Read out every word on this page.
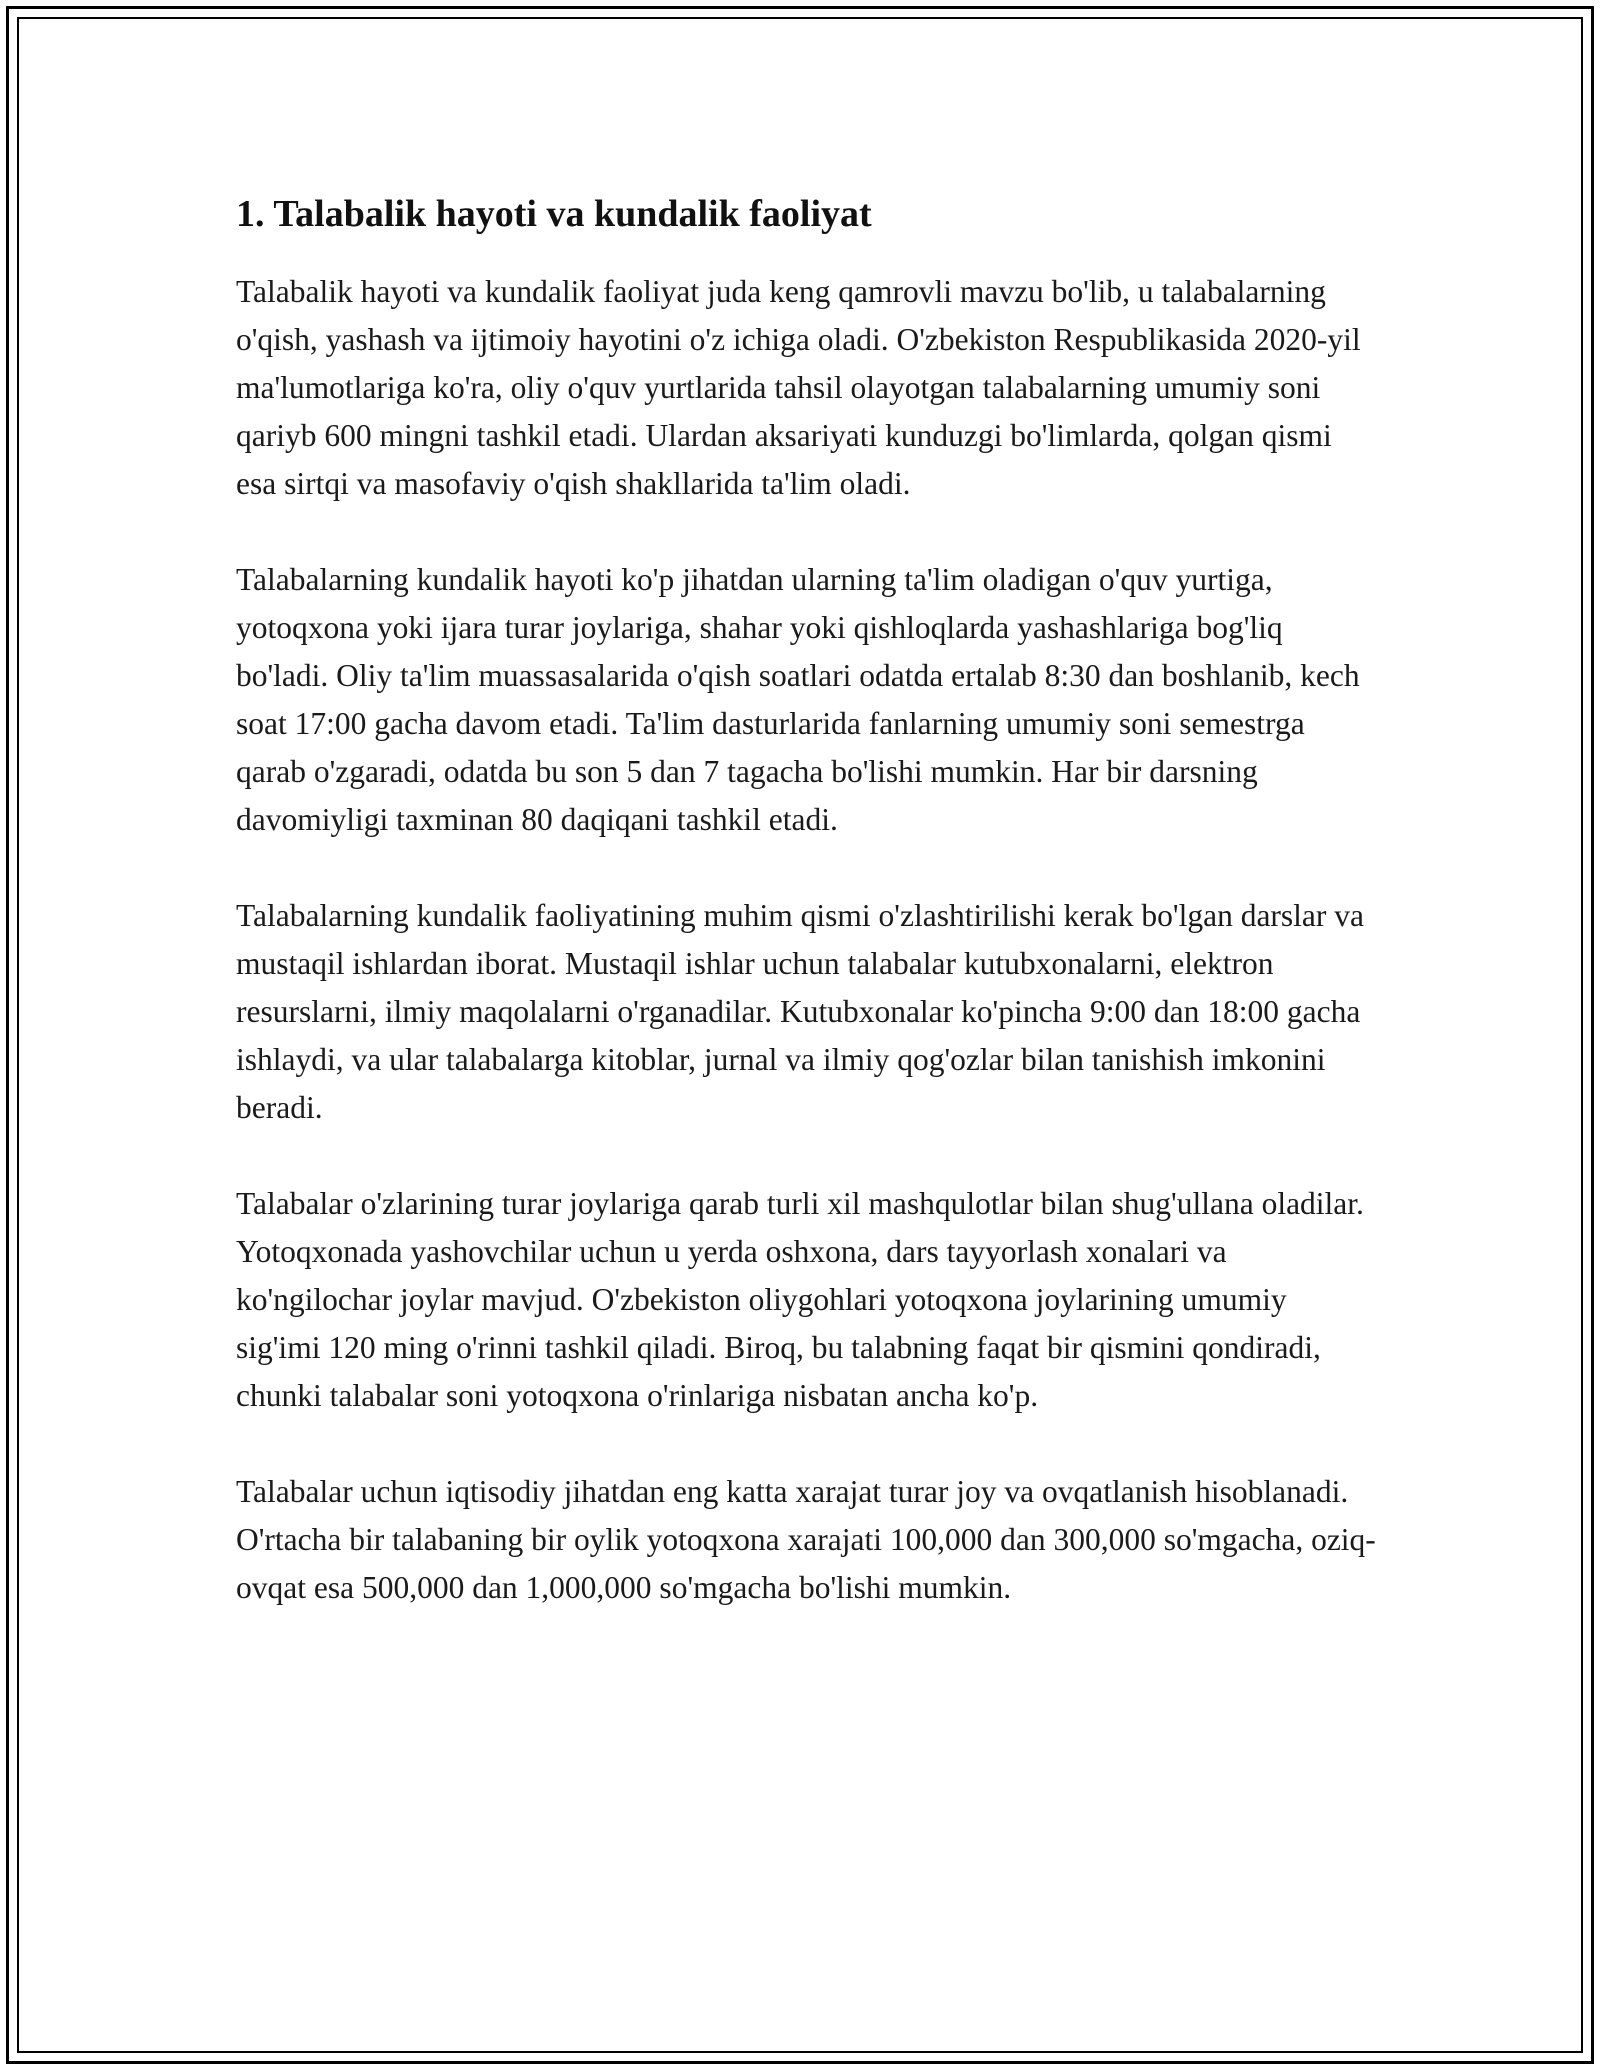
1. Talabalik hayoti va kundalik faoliyat

Talabalik hayoti va kundalik faoliyat juda keng qamrovli mavzu bo'lib, u talabalarning o'qish, yashash va ijtimoiy hayotini o'z ichiga oladi. O'zbekiston Respublikasida 2020-yil ma'lumotlariga ko'ra, oliy o'quv yurtlarida tahsil olayotgan talabalarning umumiy soni qariyb 600 mingni tashkil etadi. Ulardan aksariyati kunduzgi bo'limlarda, qolgan qismi esa sirtqi va masofaviy o'qish shakllarida ta'lim oladi.

Talabalarning kundalik hayoti ko'p jihatdan ularning ta'lim oladigan o'quv yurtiga, yotoqxona yoki ijara turar joylariga, shahar yoki qishloqlarda yashashlariga bog'liq bo'ladi. Oliy ta'lim muassasalarida o'qish soatlari odatda ertalab 8:30 dan boshlanib, kech soat 17:00 gacha davom etadi. Ta'lim dasturlarida fanlarning umumiy soni semestrga qarab o'zgaradi, odatda bu son 5 dan 7 tagacha bo'lishi mumkin. Har bir darsning davomiyligi taxminan 80 daqiqani tashkil etadi.

Talabalarning kundalik faoliyatining muhim qismi o'zlashtirilishi kerak bo'lgan darslar va mustaqil ishlardan iborat. Mustaqil ishlar uchun talabalar kutubxonalarni, elektron resurslarni, ilmiy maqolalarni o'rganadilar. Kutubxonalar ko'pincha 9:00 dan 18:00 gacha ishlaydi, va ular talabalarga kitoblar, jurnal va ilmiy qog'ozlar bilan tanishish imkonini beradi.

Talabalar o'zlarining turar joylariga qarab turli xil mashqulotlar bilan shug'ullana oladilar. Yotoqxonada yashovchilar uchun u yerda oshxona, dars tayyorlash xonalari va ko'ngilochar joylar mavjud. O'zbekiston oliygohlari yotoqxona joylarining umumiy sig'imi 120 ming o'rinni tashkil qiladi. Biroq, bu talabning faqat bir qismini qondiradi, chunki talabalar soni yotoqxona o'rinlariga nisbatan ancha ko'p.

Talabalar uchun iqtisodiy jihatdan eng katta xarajat turar joy va ovqatlanish hisoblanadi. O'rtacha bir talabaning bir oylik yotoqxona xarajati 100,000 dan 300,000 so'mgacha, oziq-ovqat esa 500,000 dan 1,000,000 so'mgacha bo'lishi mumkin.
